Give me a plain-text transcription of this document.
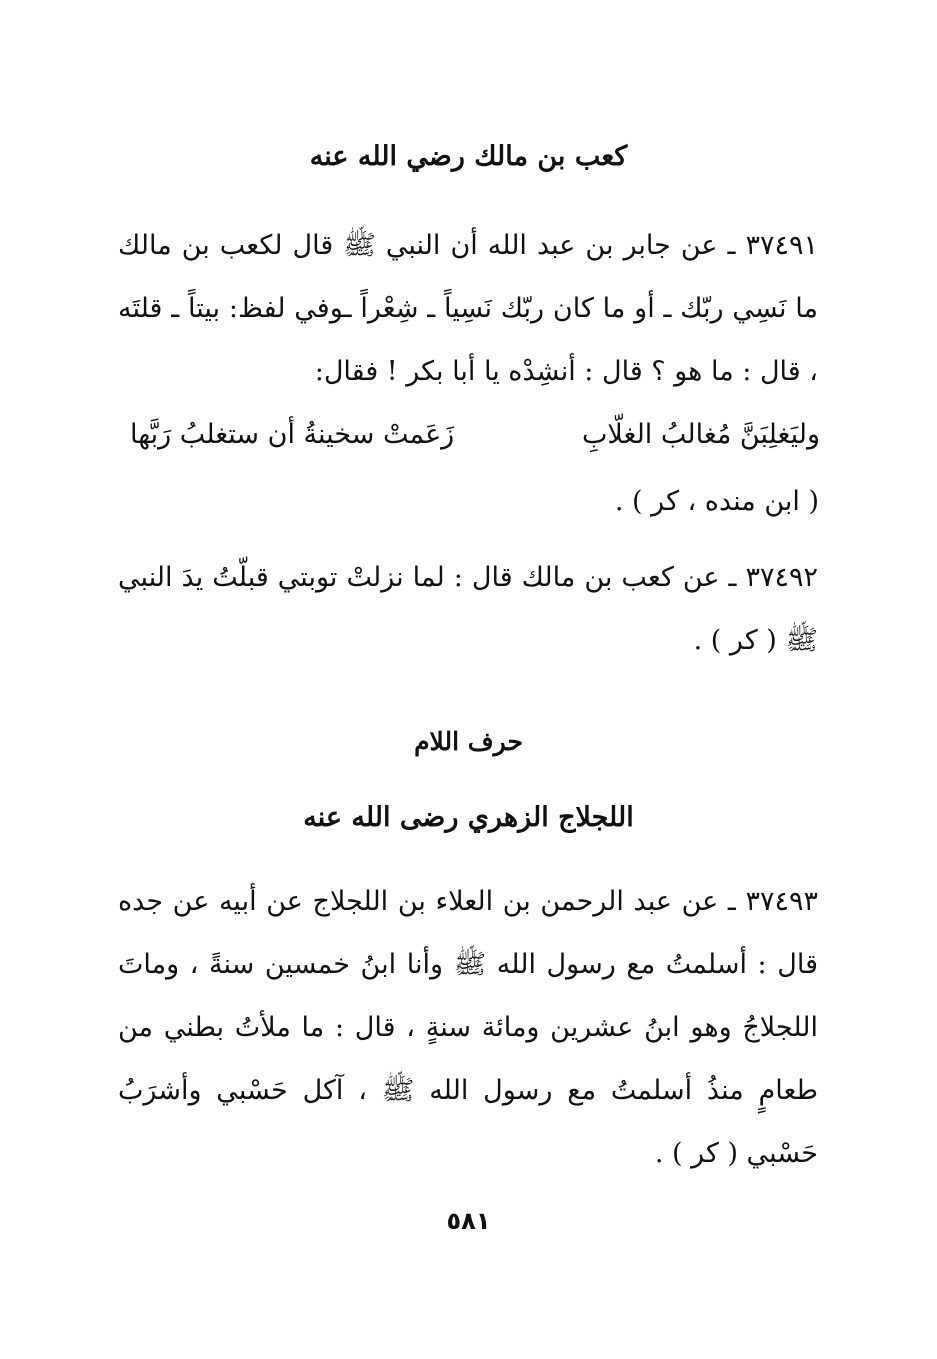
كعب بن مالك رضي الله عنه

٣٧٤٩١ ـ عن جابر بن عبد الله أن النبي ﷺ قال لكعب بن مالك ما نَسِي ربّك ـ أو ما كان ربّك نَسِياً ـ شِعْراً ـوفي لفظ: بيتاً ـ قلتَه ، قال : ما هو ؟ قال : أنشِدْه يا أبا بكر ! فقال:

زَعَمتْ سخينةُ أن ستغلبُ رَبَّها	وليَغلِبَنَّ مُغالبُ الغلّابِ
( ابن منده ، كر ) .

٣٧٤٩٢ ـ عن كعب بن مالك قال : لما نزلتْ توبتي قبلّتُ يدَ النبي ﷺ ( كر ) .

حرف اللام
اللجلاج الزهري رضى الله عنه

٣٧٤٩٣ ـ عن عبد الرحمن بن العلاء بن اللجلاج عن أبيه عن جده قال : أسلمتُ مع رسول الله ﷺ وأنا ابنُ خمسين سنةً ، وماتَ اللجلاجُ وهو ابنُ عشرين ومائة سنةٍ ، قال : ما ملأتُ بطني من طعامٍ منذُ أسلمتُ مع رسول الله ﷺ ، آكل حَسْبي وأشرَبُ حَسْبي ( كر ) .

٥٨١
